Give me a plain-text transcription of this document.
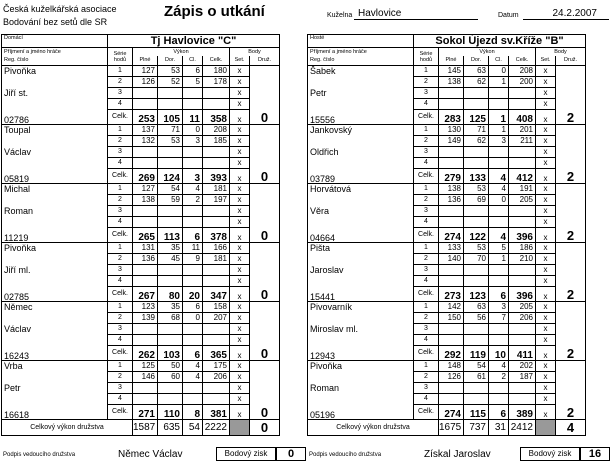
Česká kuželkářská asociace
Bodování bez setů dle SR
Zápis o utkání	Kuželna Havlovice	Datum	24.2.2007
Domácí	Tj Havlovice "C"						
Příjmení a jméno hráče	Série hodů	Výkon				Body	
Reg. číslo		Plné	Dor.	Cl.	Celk.	Set.	Druž.
Pivoňka	1	127	53	6	180	x	
	2	126	52	5	178	x	
Jiří st.	3					x	0
	4					x	
02786	Celk.	253	105	11	358	x	
Toupal	1	137	71	0	208	x	
	2	132	53	3	185	x	
Václav	3					x	0
	4					x	
05819	Celk.	269	124	3	393	x	
Michal	1	127	54	4	181	x	
	2	138	59	2	197	x	
Roman	3					x	0
	4					x	
11219	Celk.	265	113	6	378	x	
Pivoňka	1	131	35	11	166	x	
	2	136	45	9	181	x	
Jiří ml.	3					x	0
	4					x	
02785	Celk.	267	80	20	347	x	
Němec	1	123	35	6	158	x	
	2	139	68	0	207	x	
Václav	3					x	0
	4					x	
16243	Celk.	262	103	6	365	x	
Vrba	1	125	50	4	175	x	
	2	146	60	4	206	x	
Petr	3					x	0
	4					x	
16618	Celk.	271	110	8	381	x	
Celkový výkon družstva		1587	635	54	2222		0
Hosté	Sokol Újezd sv.Kříže "B"						
Příjmení a jméno hráče	Série hodů	Výkon				Body	
Reg. číslo		Plné	Dor.	Cl.	Celk.	Set.	Druž.
Šabek	1	145	63	0	208	x	
	2	138	62	1	200	x	
Petr	3					x	2
	4					x	
15556	Celk.	283	125	1	408	x	
Jankovský	1	130	71	1	201	x	
	2	149	62	3	211	x	
Oldřich	3					x	2
	4					x	
03789	Celk.	279	133	4	412	x	
Horvátová	1	138	53	4	191	x	
	2	136	69	0	205	x	
Věra	3					x	2
	4					x	
04664	Celk.	274	122	4	396	x	
Pišta	1	133	53	5	186	x	
	2	140	70	1	210	x	
Jaroslav	3					x	2
	4					x	
15441	Celk.	273	123	6	396	x	
Pivovarník	1	142	63	3	205	x	
	2	150	56	7	206	x	
Miroslav ml.	3					x	2
	4					x	
12943	Celk.	292	119	10	411	x	
Pivoňka	1	148	54	4	202	x	
	2	126	61	2	187	x	
Roman	3					x	2
	4					x	
05196	Celk.	274	115	6	389	x	
Celkový výkon družstva		1675	737	31	2412		4
Podpis vedoucího družstva	Němec Václav	Bodový zisk	0	Podpis vedoucího družstva	Získal Jaroslav	Bodový zisk	16
